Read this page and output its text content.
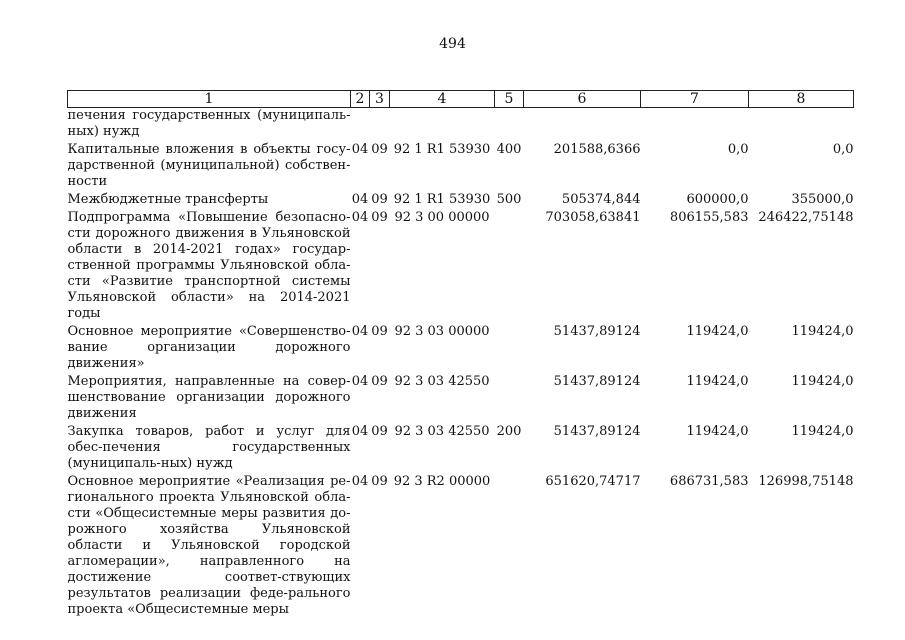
494
1	2	3	4	5	6	7	8
печения государственных (муниципаль-ных) нужд							
Капитальные вложения в объекты госу-дарственной (муниципальной) собствен-ности	04	09	92 1 R1 53930	400	201588,6366	0,0	0,0
Межбюджетные трансферты	04	09	92 1 R1 53930	500	505374,844	600000,0	355000,0
Подпрограмма «Повышение безопасно-сти дорожного движения в Ульяновской области в 2014-2021 годах» государ-ственной программы Ульяновской обла-сти «Развитие транспортной системы Ульяновской области» на 2014-2021 годы	04	09	92 3 00 00000		703058,63841	806155,583	246422,75148
Основное мероприятие «Совершенство-вание организации дорожного движения»	04	09	92 3 03 00000		51437,89124	119424,0	119424,0
Мероприятия, направленные на совер-шенствование организации дорожного движения	04	09	92 3 03 42550		51437,89124	119424,0	119424,0
Закупка товаров, работ и услуг для обес-печения государственных (муниципаль-ных) нужд	04	09	92 3 03 42550	200	51437,89124	119424,0	119424,0
Основное мероприятие «Реализация ре-гионального проекта Ульяновской обла-сти «Общесистемные меры развития до-рожного хозяйства Ульяновской области и Ульяновской городской агломерации», направленного на достижение соответ-ствующих результатов реализации феде-рального проекта «Общесистемные меры	04	09	92 3 R2 00000		651620,74717	686731,583	126998,75148
